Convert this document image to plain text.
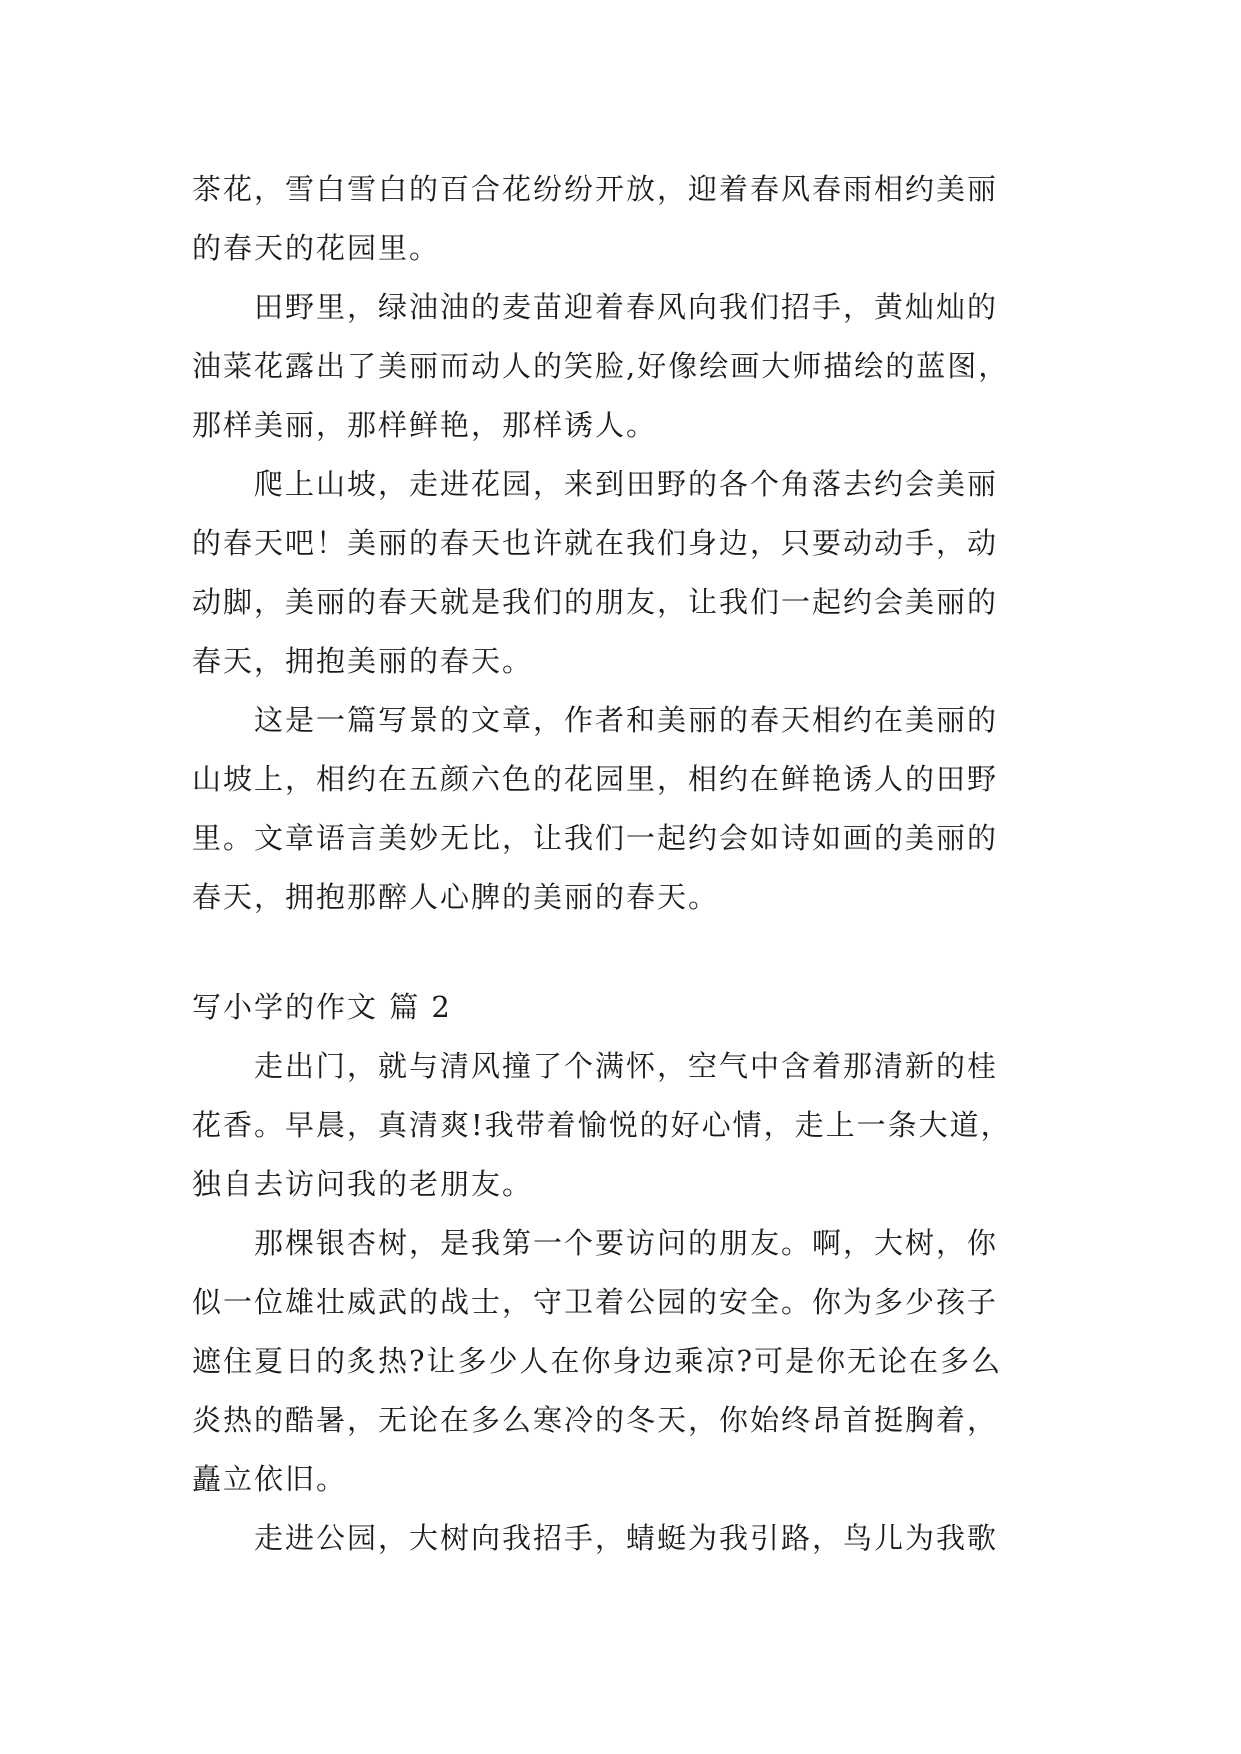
茶花，雪白雪白的百合花纷纷开放，迎着春风春雨相约美丽
的春天的花园里。
　　田野里，绿油油的麦苗迎着春风向我们招手，黄灿灿的
油菜花露出了美丽而动人的笑脸,好像绘画大师描绘的蓝图，
那样美丽，那样鲜艳，那样诱人。
　　爬上山坡，走进花园，来到田野的各个角落去约会美丽
的春天吧！美丽的春天也许就在我们身边，只要动动手，动
动脚，美丽的春天就是我们的朋友，让我们一起约会美丽的
春天，拥抱美丽的春天。
　　这是一篇写景的文章，作者和美丽的春天相约在美丽的
山坡上，相约在五颜六色的花园里，相约在鲜艳诱人的田野
里。文章语言美妙无比，让我们一起约会如诗如画的美丽的
春天，拥抱那醉人心脾的美丽的春天。
写小学的作文 篇 2
　　走出门，就与清风撞了个满怀，空气中含着那清新的桂
花香。早晨，真清爽!我带着愉悦的好心情，走上一条大道，
独自去访问我的老朋友。
　　那棵银杏树，是我第一个要访问的朋友。啊，大树，你
似一位雄壮威武的战士，守卫着公园的安全。你为多少孩子
遮住夏日的炙热?让多少人在你身边乘凉?可是你无论在多么
炎热的酷暑，无论在多么寒冷的冬天，你始终昂首挺胸着，
矗立依旧。
　　走进公园，大树向我招手，蜻蜓为我引路，鸟儿为我歌
